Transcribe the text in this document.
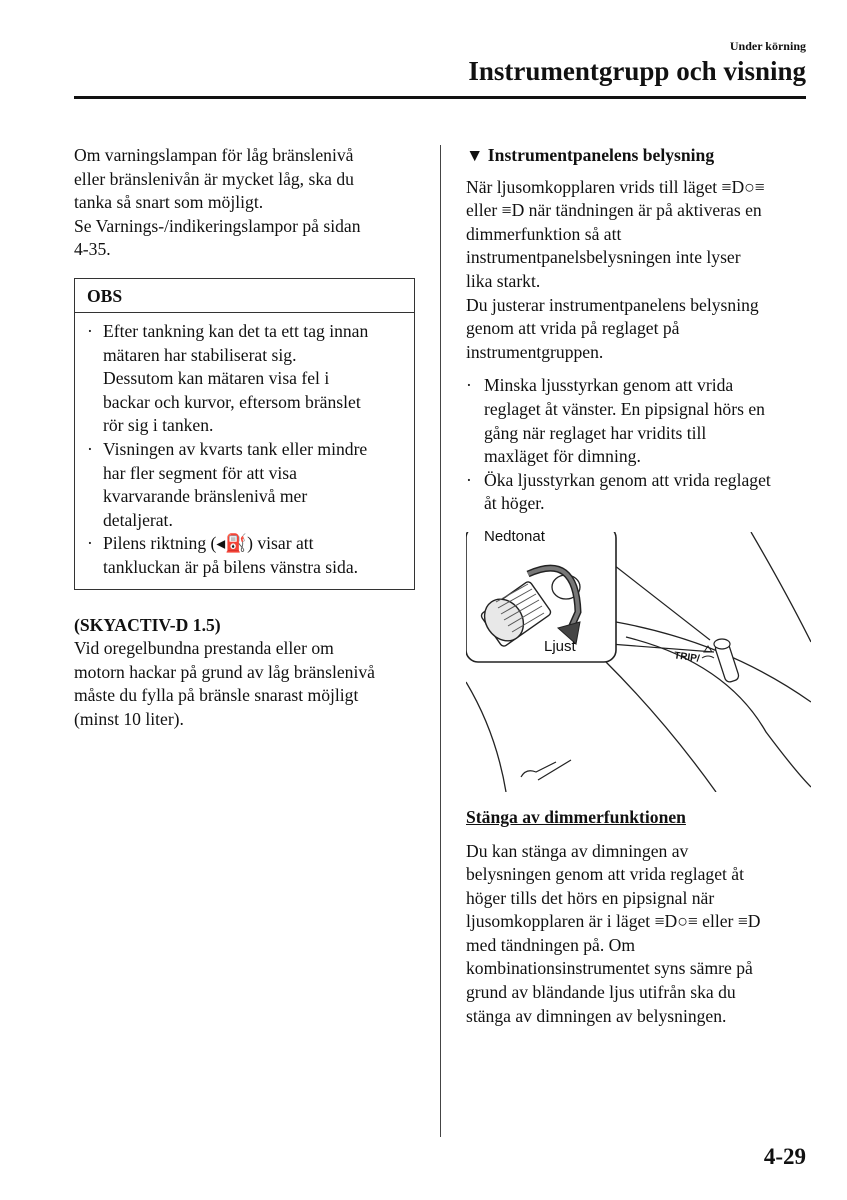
Under körning
Instrumentgrupp och visning
Om varningslampan för låg bränslenivå
eller bränslenivån är mycket låg, ska du
tanka så snart som möjligt.
Se Varnings-/indikeringslampor på sidan
4-35.
OBS
· Efter tankning kan det ta ett tag innan
mätaren har stabiliserat sig.
Dessutom kan mätaren visa fel i
backar och kurvor, eftersom bränslet
rör sig i tanken.
· Visningen av kvarts tank eller mindre
har fler segment för att visa
kvarvarande bränslenivå mer
detaljerat.
· Pilens riktning (◂⛽) visar att
tankluckan är på bilens vänstra sida.
(SKYACTIV-D 1.5)
Vid oregelbundna prestanda eller om
motorn hackar på grund av låg bränslenivå
måste du fylla på bränsle snarast möjligt
(minst 10 liter).
▼ Instrumentpanelens belysning
När ljusomkopplaren vrids till läget ≡D○≡
eller ≡D när tändningen är på aktiveras en
dimmerfunktion så att
instrumentpanelsbelysningen inte lyser
lika starkt.
Du justerar instrumentpanelens belysning
genom att vrida på reglaget på
instrumentgruppen.
· Minska ljusstyrkan genom att vrida
reglaget åt vänster. En pipsignal hörs en
gång när reglaget har vridits till
maxläget för dimning.
· Öka ljusstyrkan genom att vrida reglaget
åt höger.
Nedtonat
Ljust
TRIP/
Stänga av dimmerfunktionen
Du kan stänga av dimningen av
belysningen genom att vrida reglaget åt
höger tills det hörs en pipsignal när
ljusomkopplaren är i läget ≡D○≡ eller ≡D
med tändningen på. Om
kombinationsinstrumentet syns sämre på
grund av bländande ljus utifrån ska du
stänga av dimningen av belysningen.
4-29
